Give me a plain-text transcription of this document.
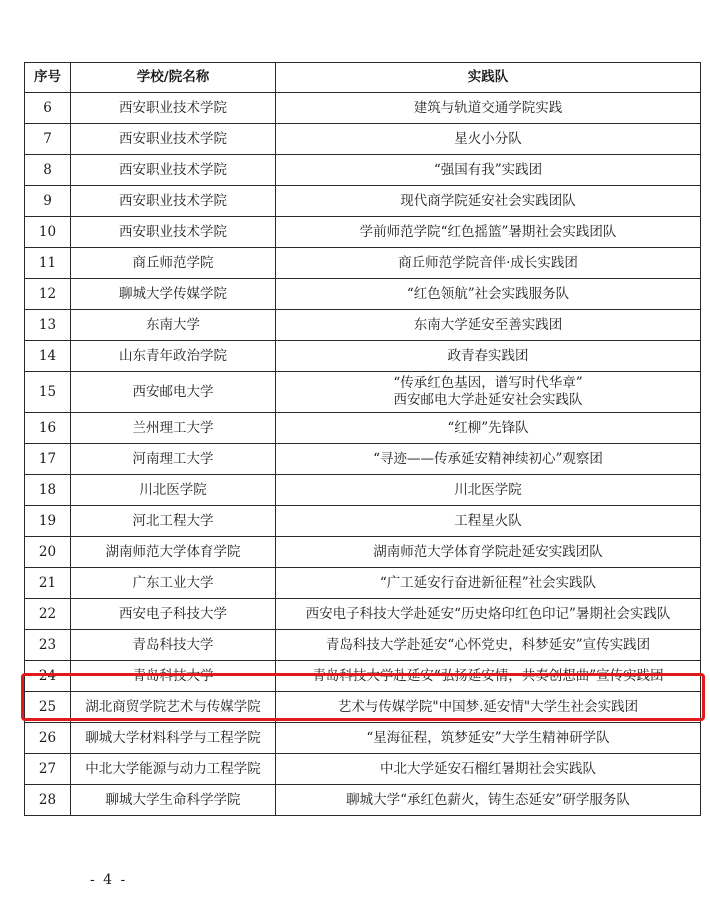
序号	学校/院名称	实践队
6	西安职业技术学院	建筑与轨道交通学院实践

7	西安职业技术学院	星火小分队

8	西安职业技术学院	“强国有我”实践团

9	西安职业技术学院	现代商学院延安社会实践团队

10	西安职业技术学院	学前师范学院“红色摇篮”暑期社会实践团队

11	商丘师范学院	商丘师范学院音伴·成长实践团

12	聊城大学传媒学院	“红色领航”社会实践服务队

13	东南大学	东南大学延安至善实践团

14	山东青年政治学院	政青春实践团

15	西安邮电大学	“传承红色基因，谱写时代华章”
西安邮电大学赴延安社会实践队

16	兰州理工大学	“红柳”先锋队

17	河南理工大学	“寻迹——传承延安精神续初心”观察团

18	川北医学院	川北医学院

19	河北工程大学	工程星火队

20	湖南师范大学体育学院	湖南师范大学体育学院赴延安实践团队

21	广东工业大学	“广工延安行奋进新征程”社会实践队

22	西安电子科技大学	西安电子科技大学赴延安“历史烙印红色印记”暑期社会实践队

23	青岛科技大学	青岛科技大学赴延安“心怀党史，科梦延安”宣传实践团

24	青岛科技大学	青岛科技大学赴延安“弘扬延安情，共奏创想曲”宣传实践团

25	湖北商贸学院艺术与传媒学院	艺术与传媒学院"中国梦.延安情"大学生社会实践团

26	聊城大学材料科学与工程学院	“星海征程，筑梦延安”大学生精神研学队

27	中北大学能源与动力工程学院	中北大学延安石榴红暑期社会实践队

28	聊城大学生命科学学院	聊城大学“承红色薪火，铸生态延安”研学服务队
- 4 -
